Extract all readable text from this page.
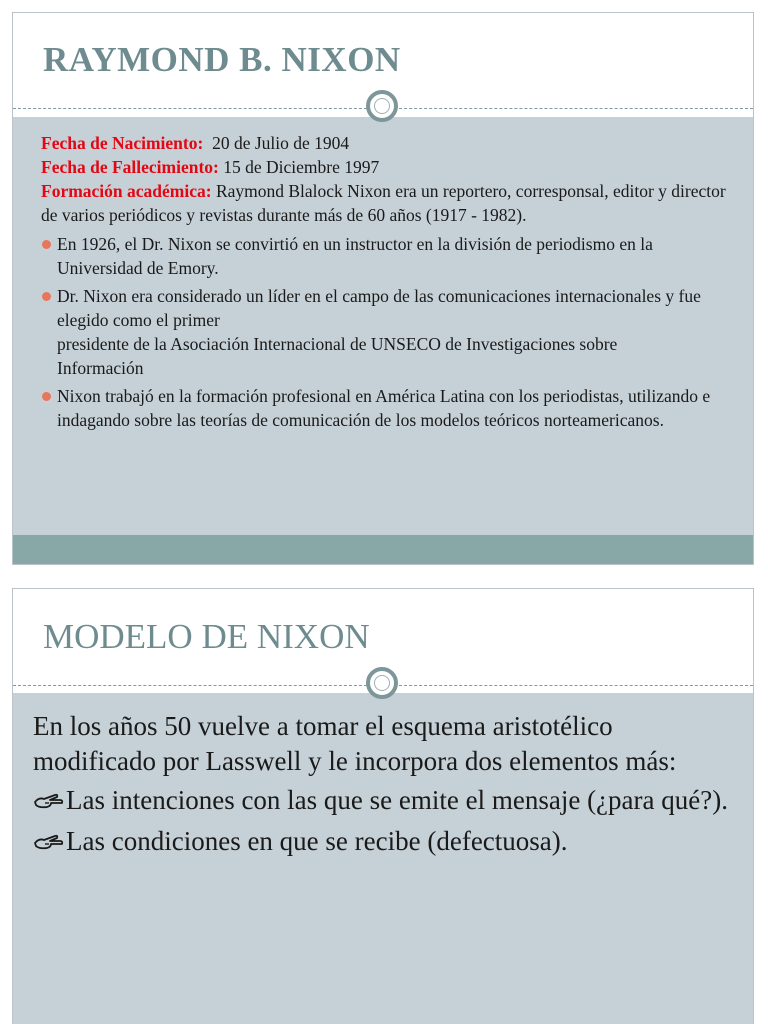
RAYMOND B. NIXON

Fecha de Nacimiento: 20 de Julio de 1904

Fecha de Fallecimiento: 15 de Diciembre 1997

Formación académica: Raymond Blalock Nixon era un reportero, corresponsal, editor y director de varios periódicos y revistas durante más de 60 años (1917 - 1982).

En 1926, el Dr. Nixon se convirtió en un instructor en la división de periodismo en la Universidad de Emory.
Dr. Nixon era considerado un líder en el campo de las comunicaciones internacionales y fue elegido como el primer
presidente de la Asociación Internacional de UNSECO de Investigaciones sobre
Información
Nixon trabajó en la formación profesional en América Latina con los periodistas, utilizando e indagando sobre las teorías de comunicación de los modelos teóricos norteamericanos.
MODELO DE NIXON

En los años 50 vuelve a tomar el esquema aristotélico modificado por Lasswell y le incorpora dos elementos más:

Las intenciones con las que se emite el mensaje (¿para qué?).
Las condiciones en que se recibe (defectuosa).
